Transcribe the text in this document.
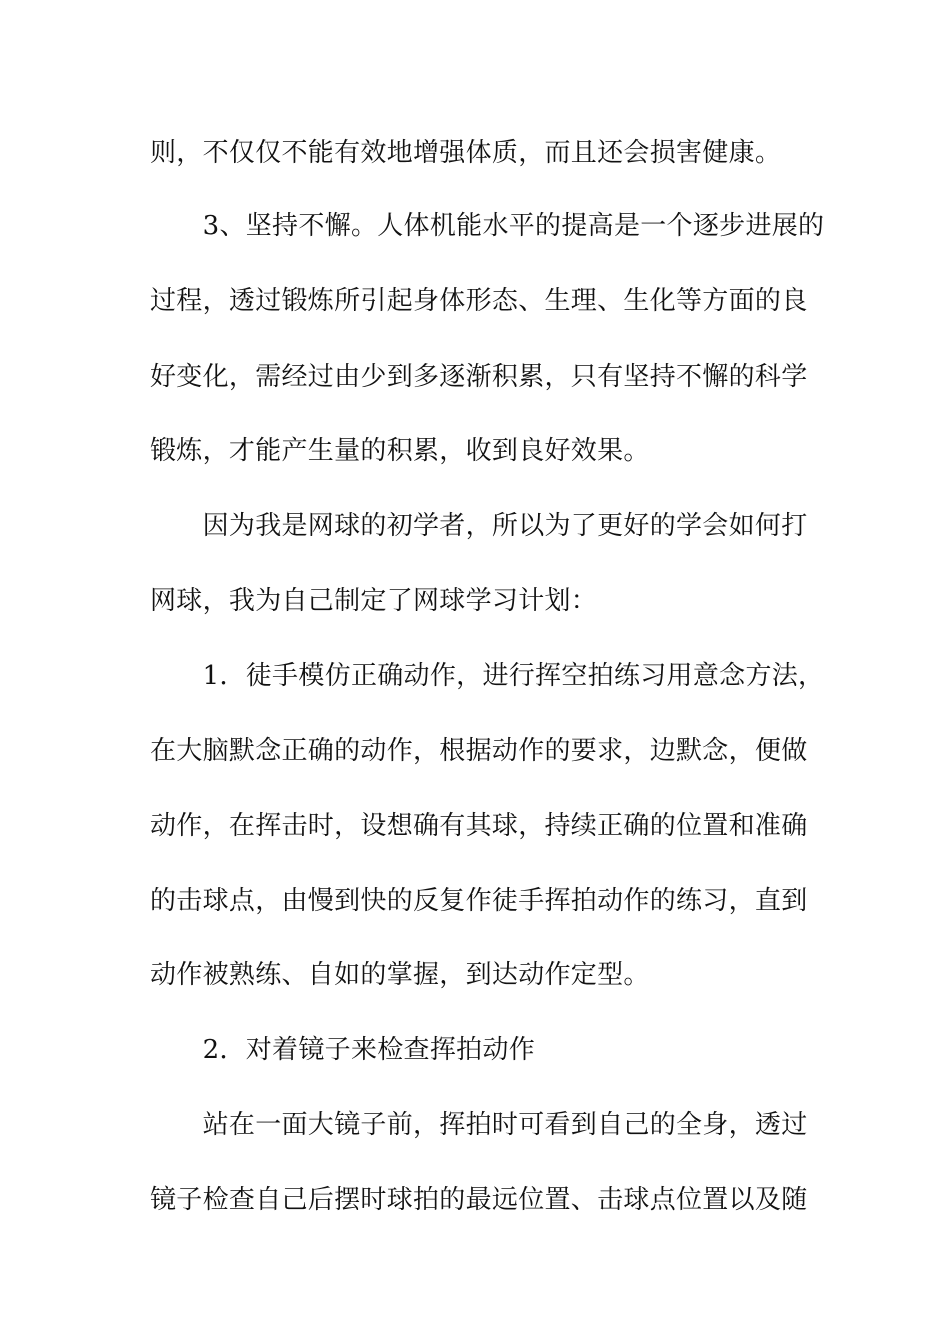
则，不仅仅不能有效地增强体质，而且还会损害健康。
　　3、坚持不懈。人体机能水平的提高是一个逐步进展的
过程，透过锻炼所引起身体形态、生理、生化等方面的良
好变化，需经过由少到多逐渐积累，只有坚持不懈的科学
锻炼，才能产生量的积累，收到良好效果。
　　因为我是网球的初学者，所以为了更好的学会如何打
网球，我为自己制定了网球学习计划：
　　1．徒手模仿正确动作，进行挥空拍练习用意念方法，
在大脑默念正确的动作，根据动作的要求，边默念，便做
动作，在挥击时，设想确有其球，持续正确的位置和准确
的击球点，由慢到快的反复作徒手挥拍动作的练习，直到
动作被熟练、自如的掌握，到达动作定型。
　　2．对着镜子来检查挥拍动作
　　站在一面大镜子前，挥拍时可看到自己的全身，透过
镜子检查自己后摆时球拍的最远位置、击球点位置以及随
